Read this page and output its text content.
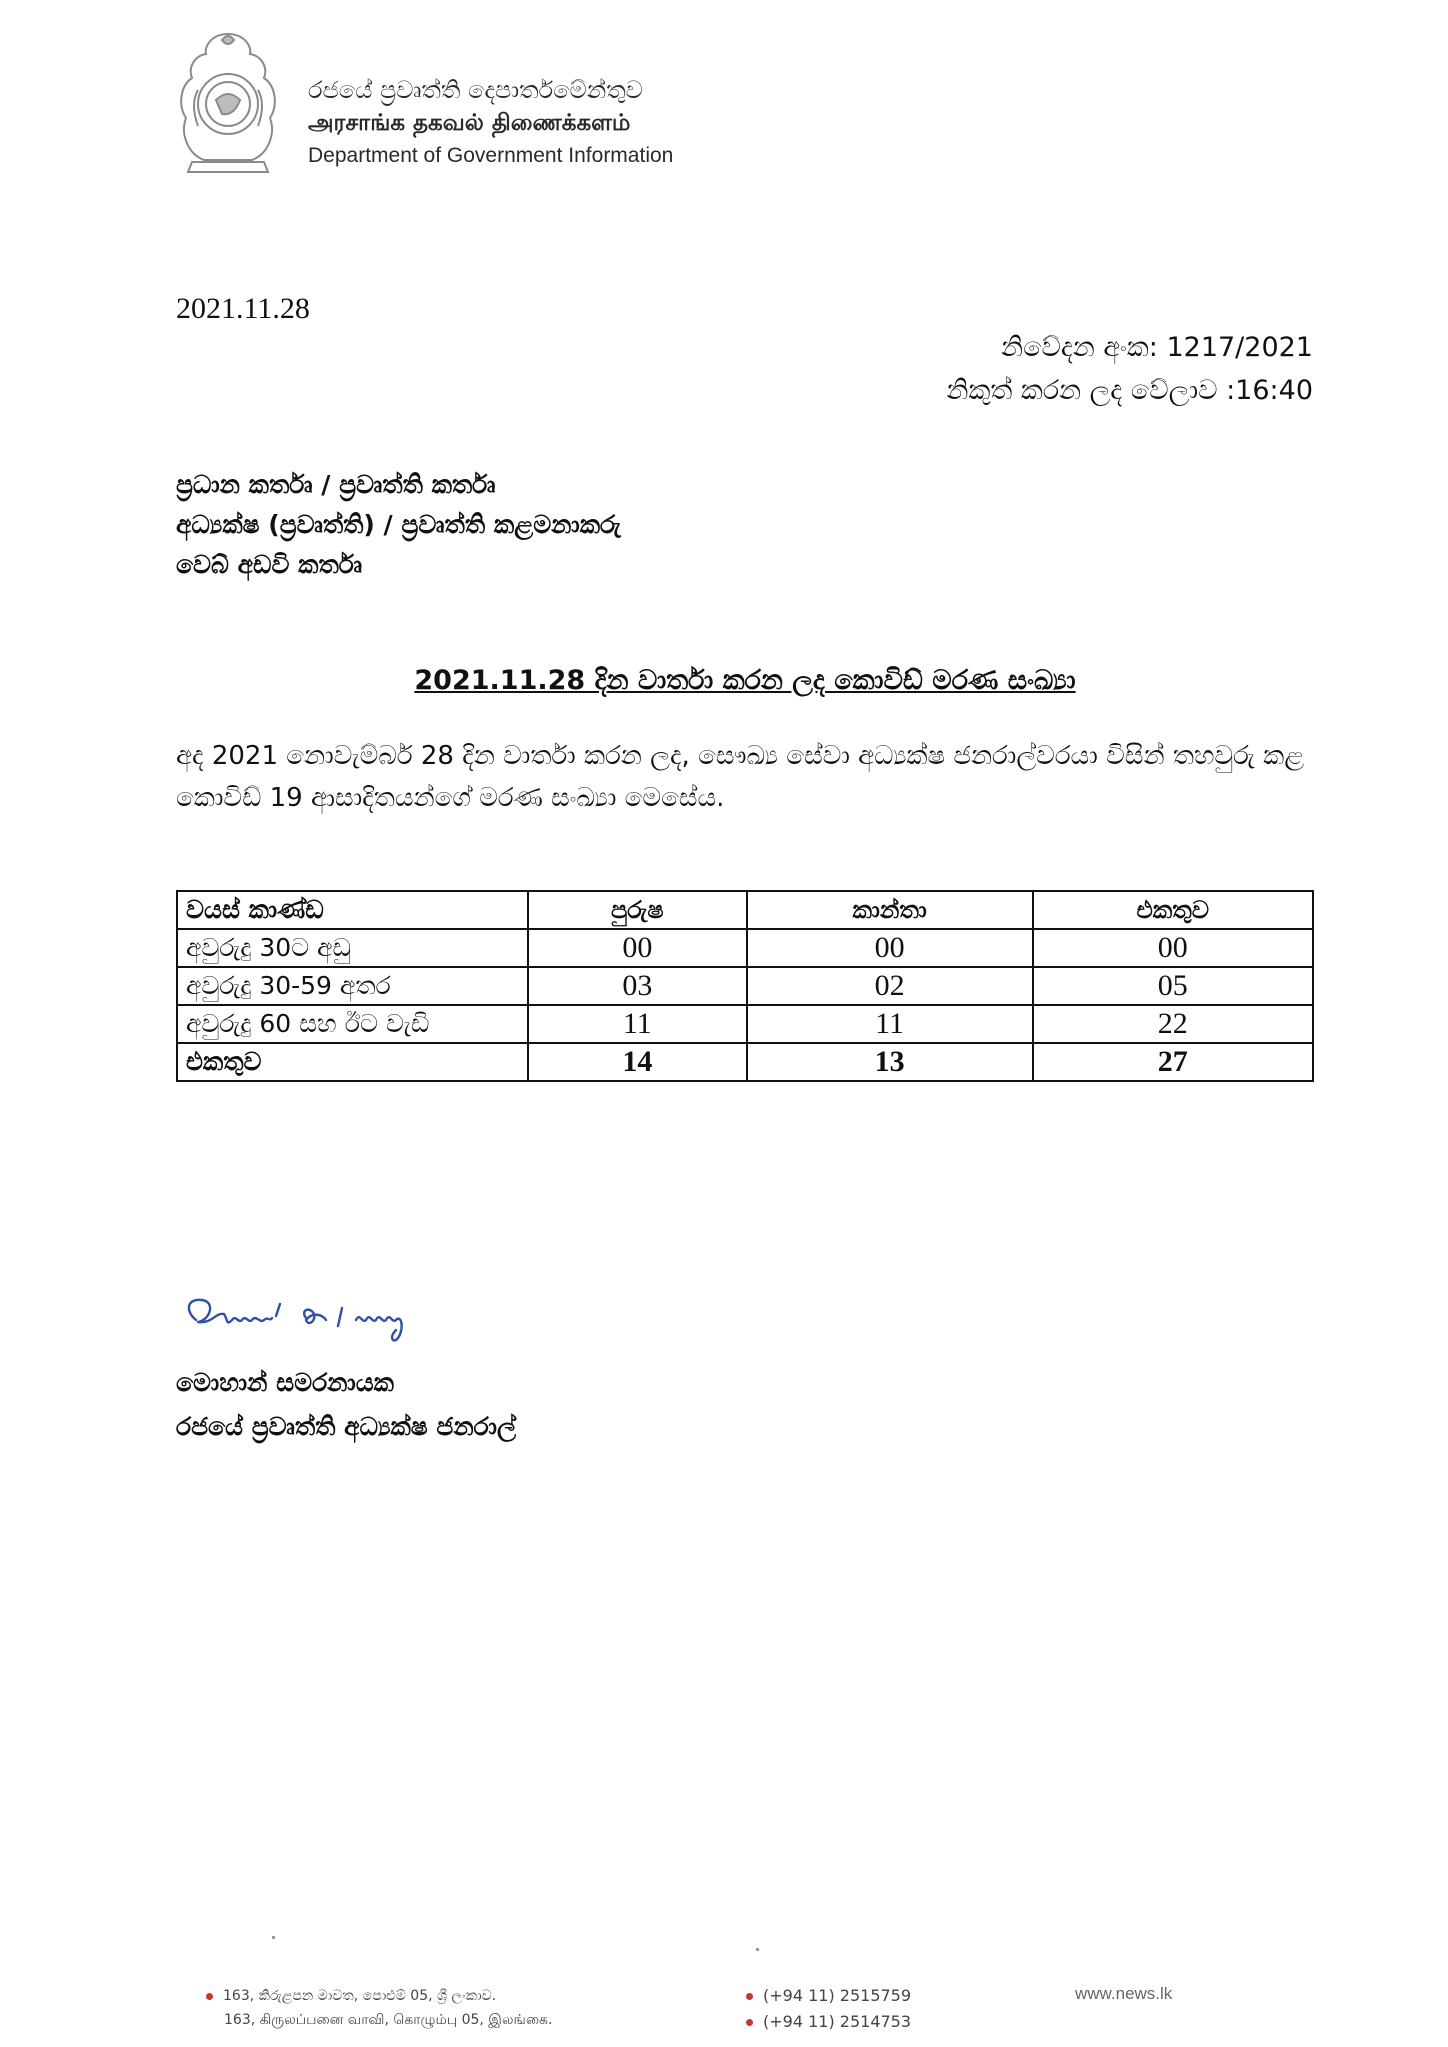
රජයේ ප්‍රවෘත්ති දෙපාර්තමේන්තුව
அரசாங்க தகவல் திணைக்களம்
Department of Government Information
2021.11.28
නිවේදන අංක: 1217/2021
නිකුත් කරන ලද වේලාව :16:40
ප්‍රධාන කර්තෘ / ප්‍රවෘත්ති කර්තෘ
අධ්‍යක්ෂ (ප්‍රවෘත්ති) / ප්‍රවෘත්ති කළමනාකරු
වෙබ් අඩවි කර්තෘ
2021.11.28 දින වාර්තා කරන ලද කොවිඩ් මරණ සංඛ්‍යා
අද 2021 නොවැම්බර් 28 දින වාර්තා කරන ලද, සෞඛ්‍ය සේවා අධ්‍යක්ෂ ජනරාල්වරයා විසින් තහවුරු කළ කොවිඩ් 19 ආසාදිතයන්ගේ මරණ සංඛ්‍යා මෙසේය.
වයස් කාණ්ඩ	පුරුෂ	කාන්තා	එකතුව
අවුරුදු 30ට අඩු	00	00	00
අවුරුදු 30-59 අතර	03	02	05
අවුරුදු 60 සහ ඊට වැඩි	11	11	22
එකතුව	14	13	27
මොහාන් සමරනායක
රජයේ ප්‍රවෘත්ති අධ්‍යක්ෂ ජනරාල්
163, කිරුළපන මාවත, පොළුම් 05, ශ්‍රී ලංකාව.
163, கிருலப்பனை வாவி, கொழும்பு 05, இலங்கை.
(+94 11) 2515759
(+94 11) 2514753
www.news.lk
